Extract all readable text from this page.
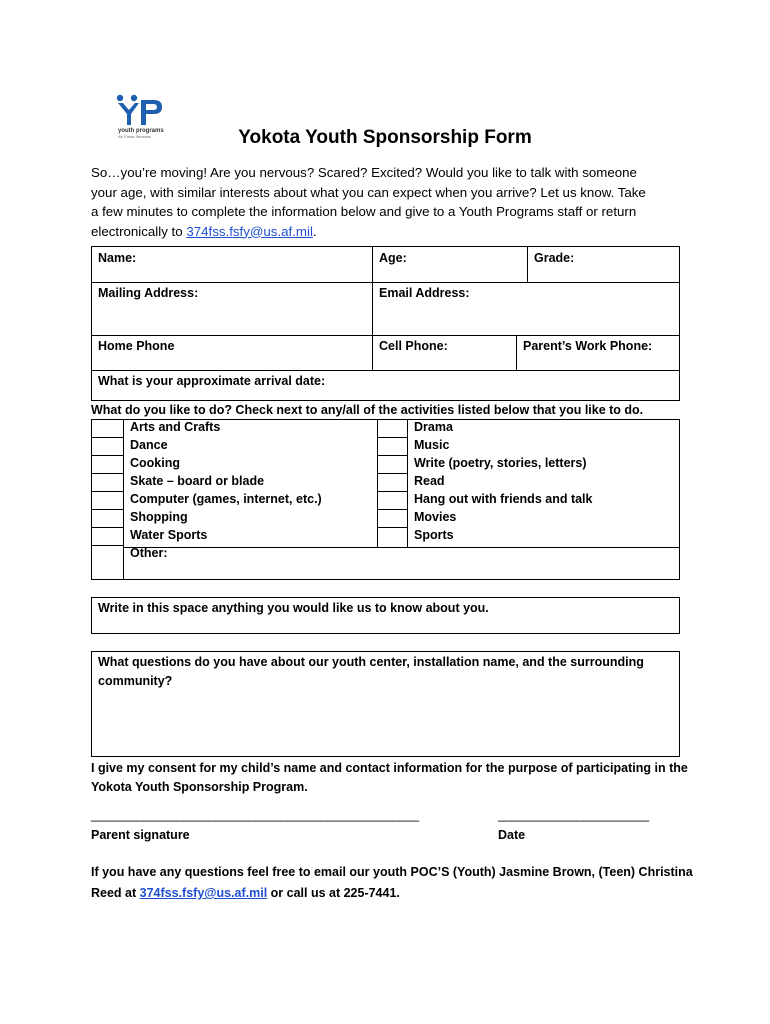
youth programs
Air Force Services	Yokota Youth Sponsorship Form
So…you’re moving! Are you nervous? Scared? Excited? Would you like to talk with someone
your age, with similar interests about what you can expect when you arrive? Let us know. Take
a few minutes to complete the information below and give to a Youth Programs staff or return
electronically to 374fss.fsfy@us.af.mil.
Name:	Age:	Grade:
Mailing Address:	Email Address:
Home Phone	Cell Phone:	Parent’s Work Phone:
What is your approximate arrival date:
What do you like to do? Check next to any/all of the activities listed below that you like to do.
Arts and Crafts
Dance
Cooking
Skate – board or blade
Computer (games, internet, etc.)
Shopping
Water Sports
Other:
Drama
Music
Write (poetry, stories, letters)
Read
Hang out with friends and talk
Movies
Sports
Write in this space anything you would like us to know about you.
What questions do you have about our youth center, installation name, and the surrounding
community?
I give my consent for my child’s name and contact information for the purpose of participating in the
Yokota Youth Sponsorship Program.
__________________________________________________
Parent signature
_______________________
Date
If you have any questions feel free to email our youth POC’S (Youth) Jasmine Brown, (Teen) Christina
Reed at 374fss.fsfy@us.af.mil or call us at 225-7441.
